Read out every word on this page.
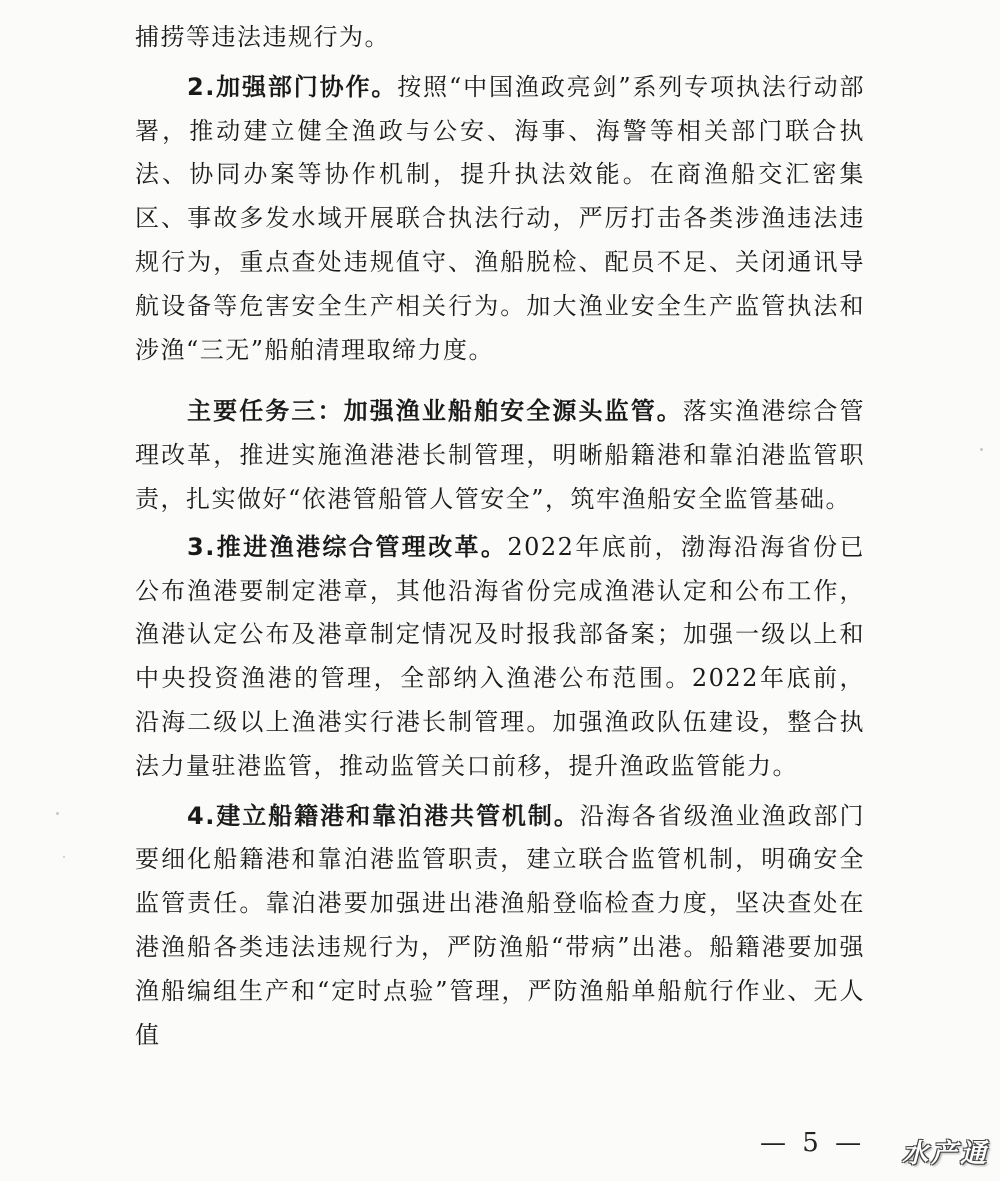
捕捞等违法违规行为。

2.加强部门协作。按照“中国渔政亮剑”系列专项执法行动部署，推动建立健全渔政与公安、海事、海警等相关部门联合执法、协同办案等协作机制，提升执法效能。在商渔船交汇密集区、事故多发水域开展联合执法行动，严厉打击各类涉渔违法违规行为，重点查处违规值守、渔船脱检、配员不足、关闭通讯导航设备等危害安全生产相关行为。加大渔业安全生产监管执法和涉渔“三无”船舶清理取缔力度。

主要任务三：加强渔业船舶安全源头监管。落实渔港综合管理改革，推进实施渔港港长制管理，明晰船籍港和靠泊港监管职责，扎实做好“依港管船管人管安全”，筑牢渔船安全监管基础。

3.推进渔港综合管理改革。2022年底前，渤海沿海省份已公布渔港要制定港章，其他沿海省份完成渔港认定和公布工作，渔港认定公布及港章制定情况及时报我部备案；加强一级以上和中央投资渔港的管理，全部纳入渔港公布范围。2022年底前，沿海二级以上渔港实行港长制管理。加强渔政队伍建设，整合执法力量驻港监管，推动监管关口前移，提升渔政监管能力。

4.建立船籍港和靠泊港共管机制。沿海各省级渔业渔政部门要细化船籍港和靠泊港监管职责，建立联合监管机制，明确安全监管责任。靠泊港要加强进出港渔船登临检查力度，坚决查处在港渔船各类违法违规行为，严防渔船“带病”出港。船籍港要加强渔船编组生产和“定时点验”管理，严防渔船单船航行作业、无人值

— 5 — 水产通
